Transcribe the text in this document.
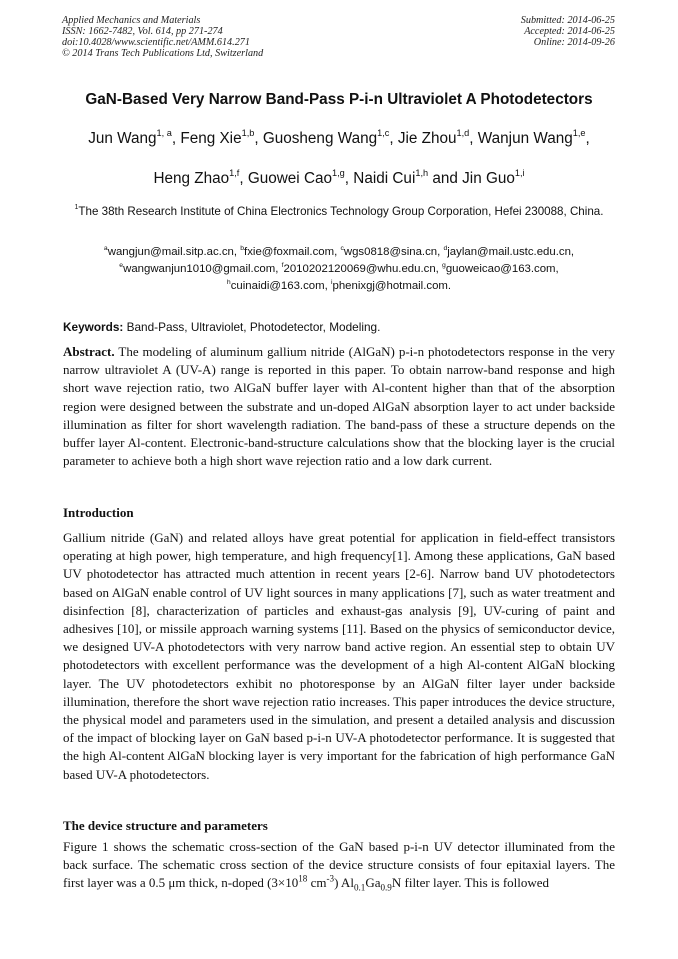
Applied Mechanics and Materials
ISSN: 1662-7482, Vol. 614, pp 271-274
doi:10.4028/www.scientific.net/AMM.614.271
© 2014 Trans Tech Publications Ltd, Switzerland
Submitted: 2014-06-25
Accepted: 2014-06-25
Online: 2014-09-26
GaN-Based Very Narrow Band-Pass P-i-n Ultraviolet A Photodetectors
Jun Wang$^{1, a}$, Feng Xie$^{1,b}$, Guosheng Wang$^{1,c}$, Jie Zhou$^{1,d}$, Wanjun Wang$^{1,e}$,
Heng Zhao$^{1,f}$, Guowei Cao$^{1,g}$, Naidi Cui$^{1,h}$ and Jin Guo$^{1,i}$
$^1$The 38th Research Institute of China Electronics Technology Group Corporation, Hefei 230088, China.
$^a$wangjun@mail.sitp.ac.cn, $^b$fxie@foxmail.com, $^c$wgs0818@sina.cn, $^d$jaylan@mail.ustc.edu.cn,
$^e$wangwanjun1010@gmail.com, $^f$2010202120069@whu.edu.cn, $^g$guoweicao@163.com,
$^h$cuinaidi@163.com, $^i$phenixgj@hotmail.com.
Keywords: Band-Pass, Ultraviolet, Photodetector, Modeling.
Abstract. The modeling of aluminum gallium nitride (AlGaN) p-i-n photodetectors response in the very narrow ultraviolet A (UV-A) range is reported in this paper. To obtain narrow-band response and high short wave rejection ratio, two AlGaN buffer layer with Al-content higher than that of the absorption region were designed between the substrate and un-doped AlGaN absorption layer to act under backside illumination as filter for short wavelength radiation. The band-pass of these a structure depends on the buffer layer Al-content. Electronic-band-structure calculations show that the blocking layer is the crucial parameter to achieve both a high short wave rejection ratio and a low dark current.
Introduction
Gallium nitride (GaN) and related alloys have great potential for application in field-effect transistors operating at high power, high temperature, and high frequency[1]. Among these applications, GaN based UV photodetector has attracted much attention in recent years [2-6]. Narrow band UV photodetectors based on AlGaN enable control of UV light sources in many applications [7], such as water treatment and disinfection [8], characterization of particles and exhaust-gas analysis [9], UV-curing of paint and adhesives [10], or missile approach warning systems [11]. Based on the physics of semiconductor device, we designed UV-A photodetectors with very narrow band active region. An essential step to obtain UV photodetectors with excellent performance was the development of a high Al-content AlGaN blocking layer. The UV photodetectors exhibit no photoresponse by an AlGaN filter layer under backside illumination, therefore the short wave rejection ratio increases. This paper introduces the device structure, the physical model and parameters used in the simulation, and present a detailed analysis and discussion of the impact of blocking layer on GaN based p-i-n UV-A photodetector performance. It is suggested that the high Al-content AlGaN blocking layer is very important for the fabrication of high performance GaN based UV-A photodetectors.
The device structure and parameters
Figure 1 shows the schematic cross-section of the GaN based p-i-n UV detector illuminated from the back surface. The schematic cross section of the device structure consists of four epitaxial layers. The first layer was a 0.5 μm thick, n-doped ($3\times 10^{18}$ $cm^{-3}$) $Al_{0.1}Ga_{0.9}N$ filter layer. This is followed
